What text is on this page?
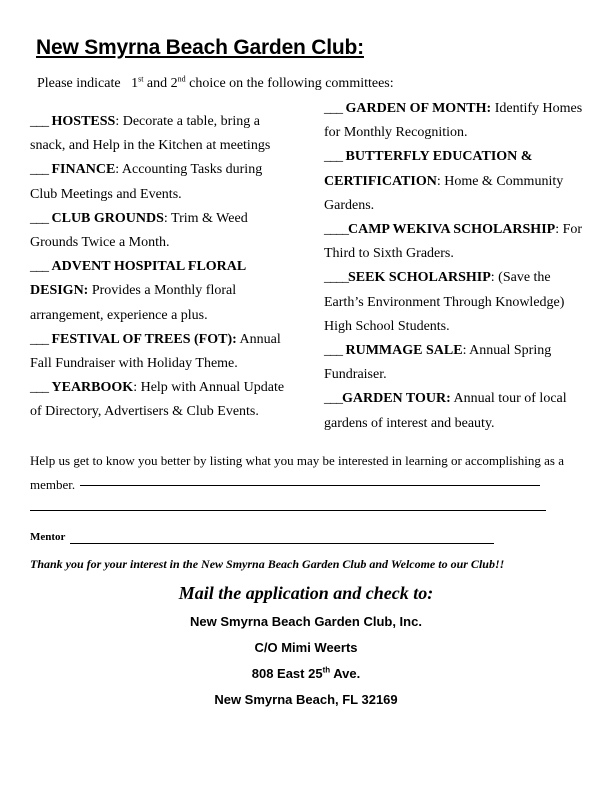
New Smyrna Beach Garden Club:
Please indicate 1st and 2nd choice on the following committees:
___ HOSTESS: Decorate a table, bring a snack, and Help in the Kitchen at meetings
___ FINANCE: Accounting Tasks during Club Meetings and Events.
___ CLUB GROUNDS: Trim & Weed Grounds Twice a Month.
___ ADVENT HOSPITAL FLORAL DESIGN: Provides a Monthly floral arrangement, experience a plus.
___ FESTIVAL OF TREES (FOT): Annual Fall Fundraiser with Holiday Theme.
___ YEARBOOK: Help with Annual Update of Directory, Advertisers & Club Events.
___ GARDEN OF MONTH: Identify Homes for Monthly Recognition.
___ BUTTERFLY EDUCATION & CERTIFICATION: Home & Community Gardens.
____CAMP WEKIVA SCHOLARSHIP: For Third to Sixth Graders.
____SEEK SCHOLARSHIP: (Save the Earth’s Environment Through Knowledge) High School Students.
___ RUMMAGE SALE: Annual Spring Fundraiser.
___GARDEN TOUR: Annual tour of local gardens of interest and beauty.
Help us get to know you better by listing what you may be interested in learning or accomplishing as a member.
Mentor
Thank you for your interest in the New Smyrna Beach Garden Club and Welcome to our Club!!
Mail the application and check to:
New Smyrna Beach Garden Club, Inc.
C/O Mimi Weerts
808 East 25th Ave.
New Smyrna Beach, FL 32169
